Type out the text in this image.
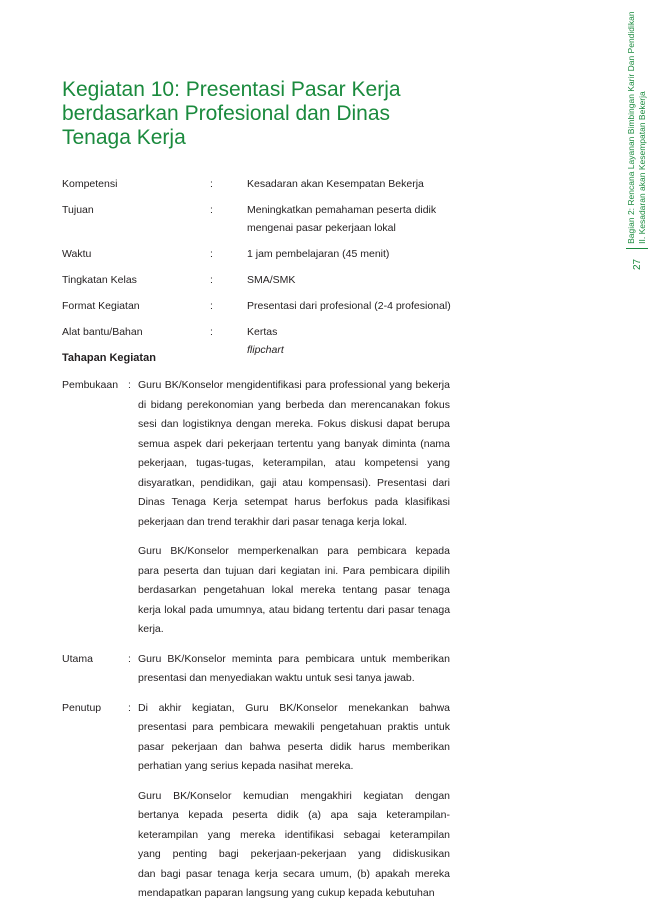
Kegiatan 10: Presentasi Pasar Kerja
berdasarkan Profesional dan Dinas
Tenaga Kerja
Kompetensi	:	Kesadaran akan Kesempatan Bekerja
Tujuan	:	Meningkatkan pemahaman peserta didik
mengenai pasar pekerjaan lokal
Waktu	:	1 jam pembelajaran (45 menit)
Tingkatan Kelas	:	SMA/SMK
Format Kegiatan	:	Presentasi dari profesional (2-4 profesional)
Alat bantu/Bahan	:	Kertas
flipchart
Tahapan Kegiatan
Pembukaan : Guru BK/Konselor mengidentifikasi para professional yang bekerja
di bidang perekonomian yang berbeda dan merencanakan fokus
sesi dan logistiknya dengan mereka. Fokus diskusi dapat berupa
semua aspek dari pekerjaan tertentu yang banyak diminta (nama
pekerjaan, tugas-tugas, keterampilan, atau kompetensi yang
disyaratkan, pendidikan, gaji atau kompensasi). Presentasi dari
Dinas Tenaga Kerja setempat harus berfokus pada klasifikasi
pekerjaan dan trend terakhir dari pasar tenaga kerja lokal.
Guru BK/Konselor memperkenalkan para pembicara kepada
para peserta dan tujuan dari kegiatan ini. Para pembicara dipilih
berdasarkan pengetahuan lokal mereka tentang pasar tenaga
kerja lokal pada umumnya, atau bidang tertentu dari pasar tenaga
kerja.
Utama	: Guru BK/Konselor meminta para pembicara untuk memberikan
presentasi dan menyediakan waktu untuk sesi tanya jawab.
Penutup	: Di akhir kegiatan, Guru BK/Konselor menekankan bahwa
presentasi para pembicara mewakili pengetahuan praktis untuk
pasar pekerjaan dan bahwa peserta didik harus memberikan
perhatian yang serius kepada nasihat mereka.
Guru BK/Konselor kemudian mengakhiri kegiatan dengan
bertanya kepada peserta didik (a) apa saja keterampilan-
keterampilan yang mereka identifikasi sebagai keterampilan
yang penting bagi pekerjaan-pekerjaan yang didiskusikan
dan bagi pasar tenaga kerja secara umum, (b) apakah mereka
mendapatkan paparan langsung yang cukup kepada kebutuhan
27
Bagian 2: Rencana Layanan Bimbingan Karir Dan Pendidikan II. Kesadaran akan Kesempatan Bekerja
